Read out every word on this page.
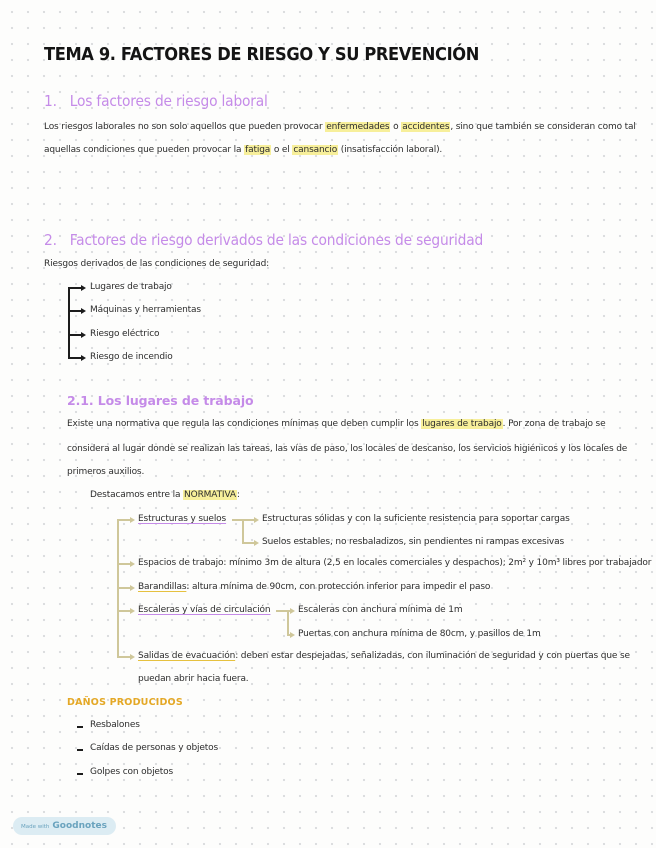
TEMA 9. FACTORES DE RIESGO Y SU PREVENCIÓN
1. Los factores de riesgo laboral
Los riesgos laborales no son solo aquellos que pueden provocar enfermedades o accidentes, sino que también se consideran como tal
aquellas condiciones que pueden provocar la fatiga o el cansancio (insatisfacción laboral).
2. Factores de riesgo derivados de las condiciones de seguridad
Riesgos derivados de las condiciones de seguridad:
Lugares de trabajo
Máquinas y herramientas
Riesgo eléctrico
Riesgo de incendio
2.1. Los lugares de trabajo
Existe una normativa que regula las condiciones mínimas que deben cumplir los lugares de trabajo. Por zona de trabajo se
considera al lugar donde se realizan las tareas, las vías de paso, los locales de descanso, los servicios higiénicos y los locales de
primeros auxilios.
Destacamos entre la NORMATIVA:
Estructuras y suelos	Estructuras sólidas y con la suficiente resistencia para soportar cargas
Suelos estables, no resbaladizos, sin pendientes ni rampas excesivas
Espacios de trabajo: mínimo 3m de altura (2,5 en locales comerciales y despachos); 2m² y 10m³ libres por trabajador
Barandillas: altura mínima de 90cm, con protección inferior para impedir el paso
Escaleras y vías de circulación	Escaleras con anchura mínima de 1m
Puertas con anchura mínima de 80cm, y pasillos de 1m
Salidas de evacuación: deben estar despejadas, señalizadas, con iluminación de seguridad y con puertas que se
puedan abrir hacia fuera.
DAÑOS PRODUCIDOS
Resbalones
Caídas de personas y objetos
Golpes con objetos
Made with Goodnotes
